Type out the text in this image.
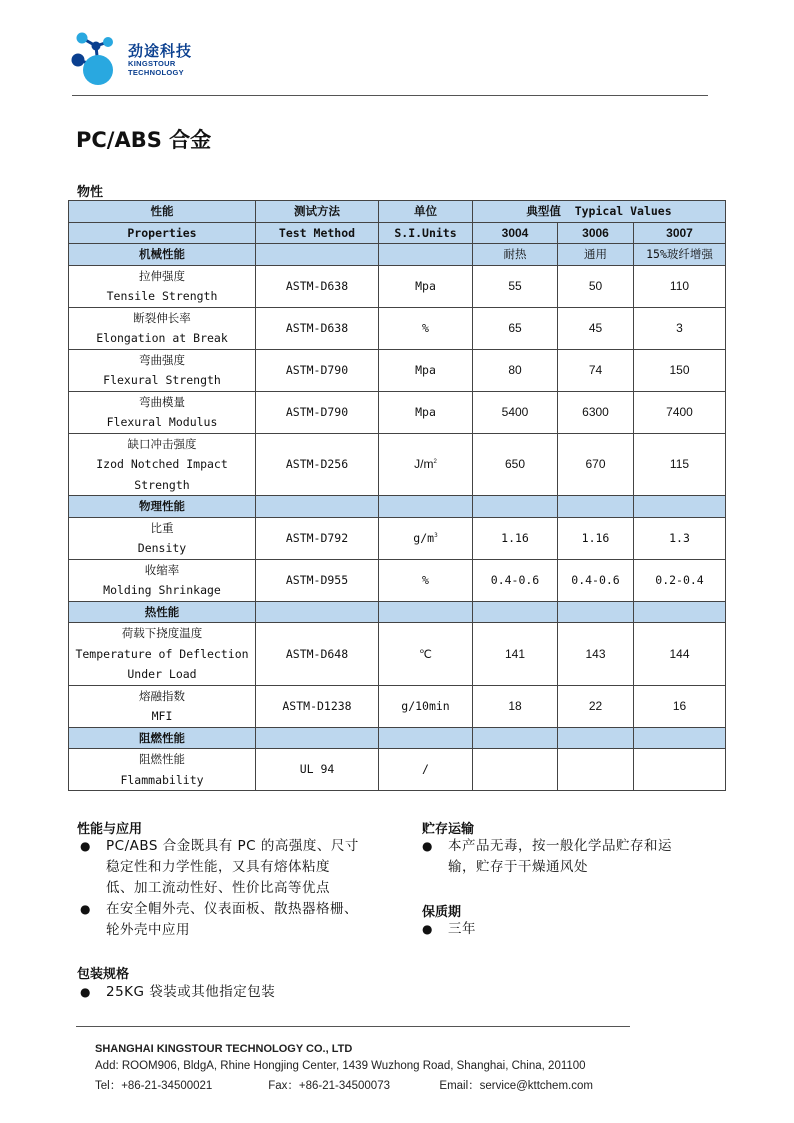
劲途科技
KINGSTOUR
TECHNOLOGY
PC/ABS 合金
物性
性能	测试方法	单位	典型值  Typical Values		
Properties	Test Method	S.I.Units	3004	3006	3007
机械性能			耐热	通用	15%玻纤增强

拉伸强度
Tensile Strength	ASTM-D638	Mpa	55	50	110

断裂伸长率
Elongation at Break	ASTM-D638	%	65	45	3

弯曲强度
Flexural Strength	ASTM-D790	Mpa	80	74	150

弯曲模量
Flexural Modulus	ASTM-D790	Mpa	5400	6300	7400

缺口冲击强度
Izod Notched Impact
Strength	ASTM-D256	$J/m^2$	650	670	115
物理性能					

比重
Density	ASTM-D792	$g/m^3$	1.16	1.16	1.3

收缩率
Molding Shrinkage	ASTM-D955	%	0.4-0.6	0.4-0.6	0.2-0.4
热性能					

荷载下挠度温度
Temperature of Deflection
Under Load	ASTM-D648	℃	141	143	144

熔融指数
MFI	ASTM-D1238	g/10min	18	22	16
阻燃性能					

阻燃性能
Flammability	UL 94	/			
性能与应用
● PC/ABS 合金既具有 PC 的高强度、尺寸
稳定性和力学性能，又具有熔体粘度
低、加工流动性好、性价比高等优点
● 在安全帽外壳、仪表面板、散热器格栅、
轮外壳中应用
贮存运输
● 本产品无毒，按一般化学品贮存和运
输，贮存于干燥通风处
保质期
● 三年
包装规格
● 25KG 袋装或其他指定包装
SHANGHAI KINGSTOUR TECHNOLOGY CO., LTD
Add: ROOM906, BldgA, Rhine Hongjing Center, 1439 Wuzhong Road, Shanghai, China, 201100
Tel：+86-21-34500021	Fax：+86-21-34500073	Email：service@kttchem.com
